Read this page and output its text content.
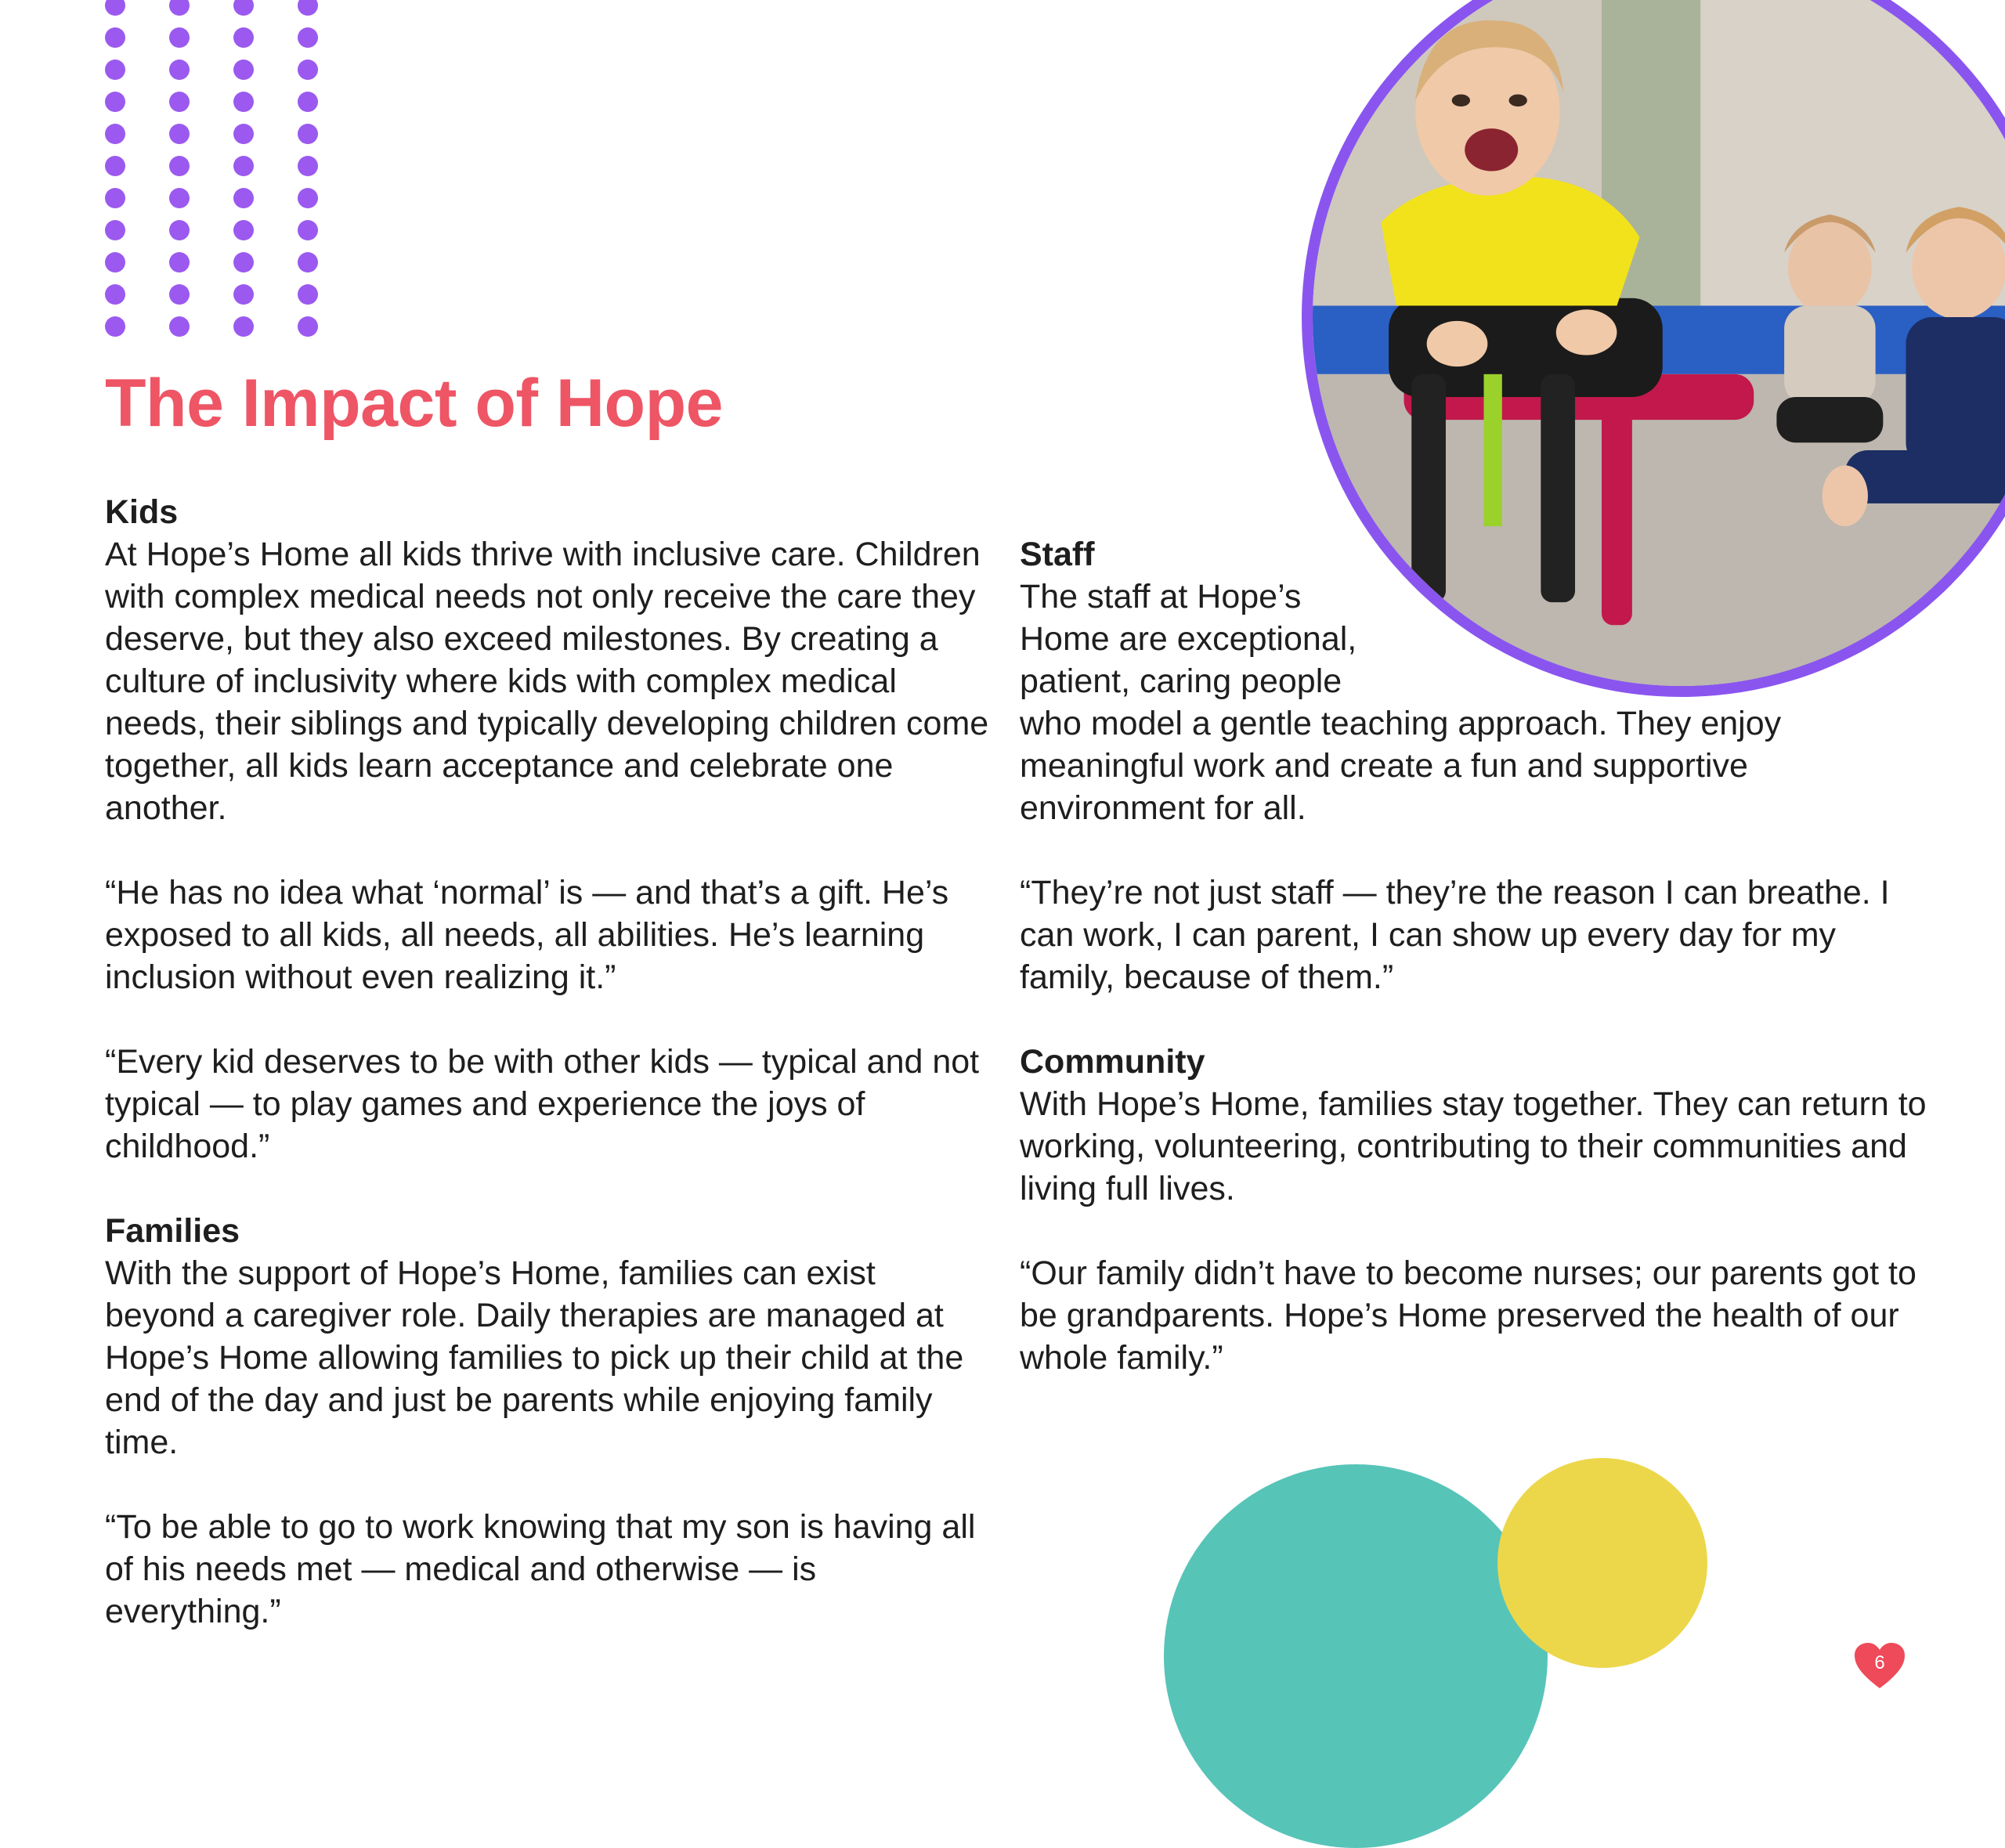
The Impact of Hope
Kids
At Hope’s Home all kids thrive with inclusive care. Children with complex medical needs not only receive the care they deserve, but they also exceed milestones. By creating a culture of inclusivity where kids with complex medical needs, their siblings and typically developing children come together, all kids learn acceptance and celebrate one another.
“He has no idea what ‘normal’ is — and that’s a gift. He’s exposed to all kids, all needs, all abilities. He’s learning inclusion without even realizing it.”
“Every kid deserves to be with other kids — typical and not typical — to play games and experience the joys of childhood.”
Families
With the support of Hope’s Home, families can exist beyond a caregiver role. Daily therapies are managed at Hope’s Home allowing families to pick up their child at the end of the day and just be parents while enjoying family time.
“To be able to go to work knowing that my son is having all of his needs met — medical and otherwise — is everything.”
Staff
The staff at Hope’s Home are exceptional, patient, caring people
who model a gentle teaching approach. They enjoy meaningful work and create a fun and supportive environment for all.
“They’re not just staff — they’re the reason I can breathe. I can work, I can parent, I can show up every day for my family, because of them.”
Community
With Hope’s Home, families stay together. They can return to working, volunteering, contributing to their communities and living full lives.
“Our family didn’t have to become nurses; our parents got to be grandparents. Hope’s Home preserved the health of our whole family.”
6
